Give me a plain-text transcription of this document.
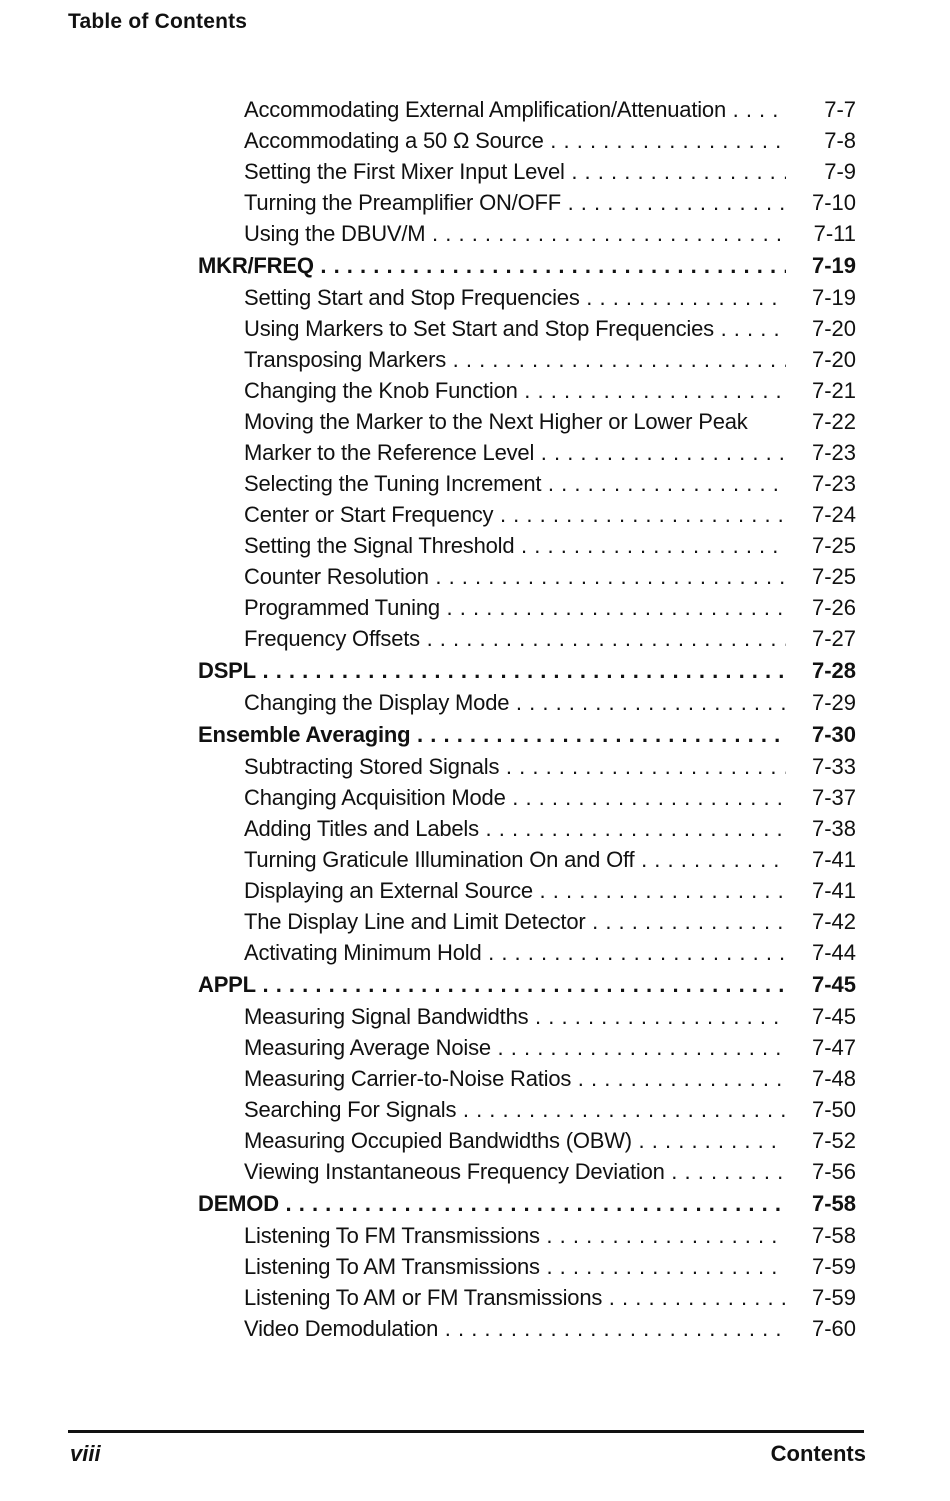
Table of Contents
Accommodating External Amplification/Attenuation . . .	7-7
Accommodating a 50 Ω Source . . .	7-8
Setting the First Mixer Input Level . . .	7-9
Turning the Preamplifier ON/OFF . . .	7-10
Using the DBUV/M . . .	7-11
MKR/FREQ . . .	7-19
Setting Start and Stop Frequencies . . .	7-19
Using Markers to Set Start and Stop Frequencies . . .	7-20
Transposing Markers . . .	7-20
Changing the Knob Function . . .	7-21
Moving the Marker to the Next Higher or Lower Peak	7-22
Marker to the Reference Level . . .	7-23
Selecting the Tuning Increment . . .	7-23
Center or Start Frequency . . .	7-24
Setting the Signal Threshold . . .	7-25
Counter Resolution . . .	7-25
Programmed Tuning . . .	7-26
Frequency Offsets . . .	7-27
DSPL . . .	7-28
Changing the Display Mode . . .	7-29
Ensemble Averaging . . .	7-30
Subtracting Stored Signals . . .	7-33
Changing Acquisition Mode . . .	7-37
Adding Titles and Labels . . .	7-38
Turning Graticule Illumination On and Off . . .	7-41
Displaying an External Source . . .	7-41
The Display Line and Limit Detector . . .	7-42
Activating Minimum Hold . . .	7-44
APPL . . .	7-45
Measuring Signal Bandwidths . . .	7-45
Measuring Average Noise . . .	7-47
Measuring Carrier-to-Noise Ratios . . .	7-48
Searching For Signals . . .	7-50
Measuring Occupied Bandwidths (OBW) . . .	7-52
Viewing Instantaneous Frequency Deviation . . .	7-56
DEMOD . . .	7-58
Listening To FM Transmissions . . .	7-58
Listening To AM Transmissions . . .	7-59
Listening To AM or FM Transmissions . . .	7-59
Video Demodulation . . .	7-60
viii	Contents
